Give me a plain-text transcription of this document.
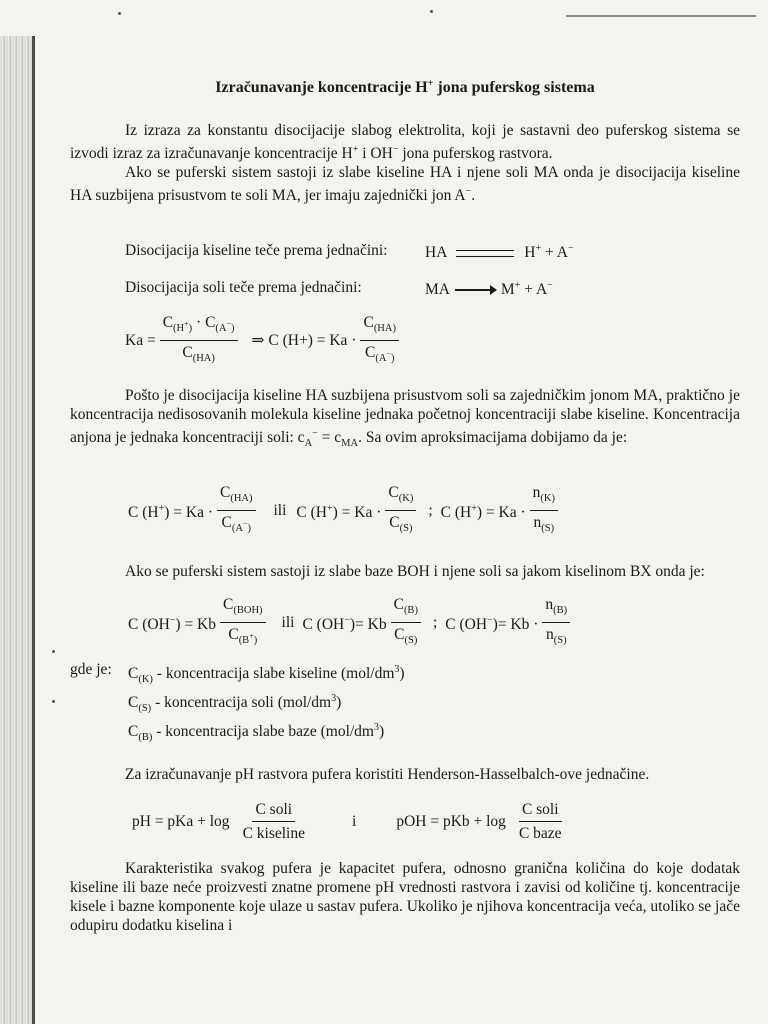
Izračunavanje koncentracije H+ jona puferskog sistema

Iz izraza za konstantu disocijacije slabog elektrolita, koji je sastavni deo puferskog sistema se izvodi izraz za izračunavanje koncentracije H+ i OH− jona puferskog rastvora.

Ako se puferski sistem sastoji iz slabe kiseline HA i njene soli MA onda je disocijacija kiseline HA suzbijena prisustvom te soli MA, jer imaju zajednički jon A−.

Disocijacija kiseline teče prema jednačini:	HA	H+ + A−
Disocijacija soli teče prema jednačini:	MA	M+ + A−
$Ka = \frac{C_{(H^+)} \cdot C_{(A^-)}}{C_{(HA)}}$ ⇒ C $(H+) = Ka \cdot \frac{C_{(HA)}}{C_{(A^-)}}$

Pošto je disocijacija kiseline HA suzbijena prisustvom soli sa zajedničkim jonom MA, praktično je koncentracija nedisosovanih molekula kiseline jednaka početnoj koncentraciji slabe kiseline. Koncentracija anjona je jednaka koncentraciji soli: $c_A^- = c_{MA}$. Sa ovim aproksimacijama dobijamo da je:

C $(H^+) = Ka \cdot \frac{C_{(HA)}}{C_{(A^-)}}$ ili C $(H^+) = Ka \cdot \frac{C_{(K)}}{C_{(S)}}$ ; C $(H^+) = Ka \cdot \frac{n_{(K)}}{n_{(S)}}$

Ako se puferski sistem sastoji iz slabe baze BOH i njene soli sa jakom kiselinom BX onda je:

C (OH−) = Kb $\frac{C_{(BOH)}}{C_{(B^+)}}$ ili C (OH−)= Kb $\frac{C_{(B)}}{C_{(S)}}$ ; C $(OH^-)= Kb \cdot \frac{n_{(B)}}{n_{(S)}}$
gde je:	$C_{(K)}$ - koncentracija slabe kiseline $(mol/dm^3)$
$C_{(S)}$ - koncentracija soli $(mol/dm^3)$
$C_{(B)}$ - koncentracija slabe baze $(mol/dm^3)$

Za izračunavanje pH rastvora pufera koristiti Henderson-Hasselbalch-ove jednačine.

pH = pKa + $\log \frac{\text{C soli}}{\text{C kiseline}}$	i	pOH = pKb + $\log \frac{\text{C soli}}{\text{C baze}}$

Karakteristika svakog pufera je kapacitet pufera, odnosno granična količina do koje dodatak kiseline ili baze neće proizvesti znatne promene pH vrednosti rastvora i zavisi od količine tj. koncentracije kisele i bazne komponente koje ulaze u sastav pufera. Ukoliko je njihova koncentracija veća, utoliko se jače odupiru dodatku kiselina i
